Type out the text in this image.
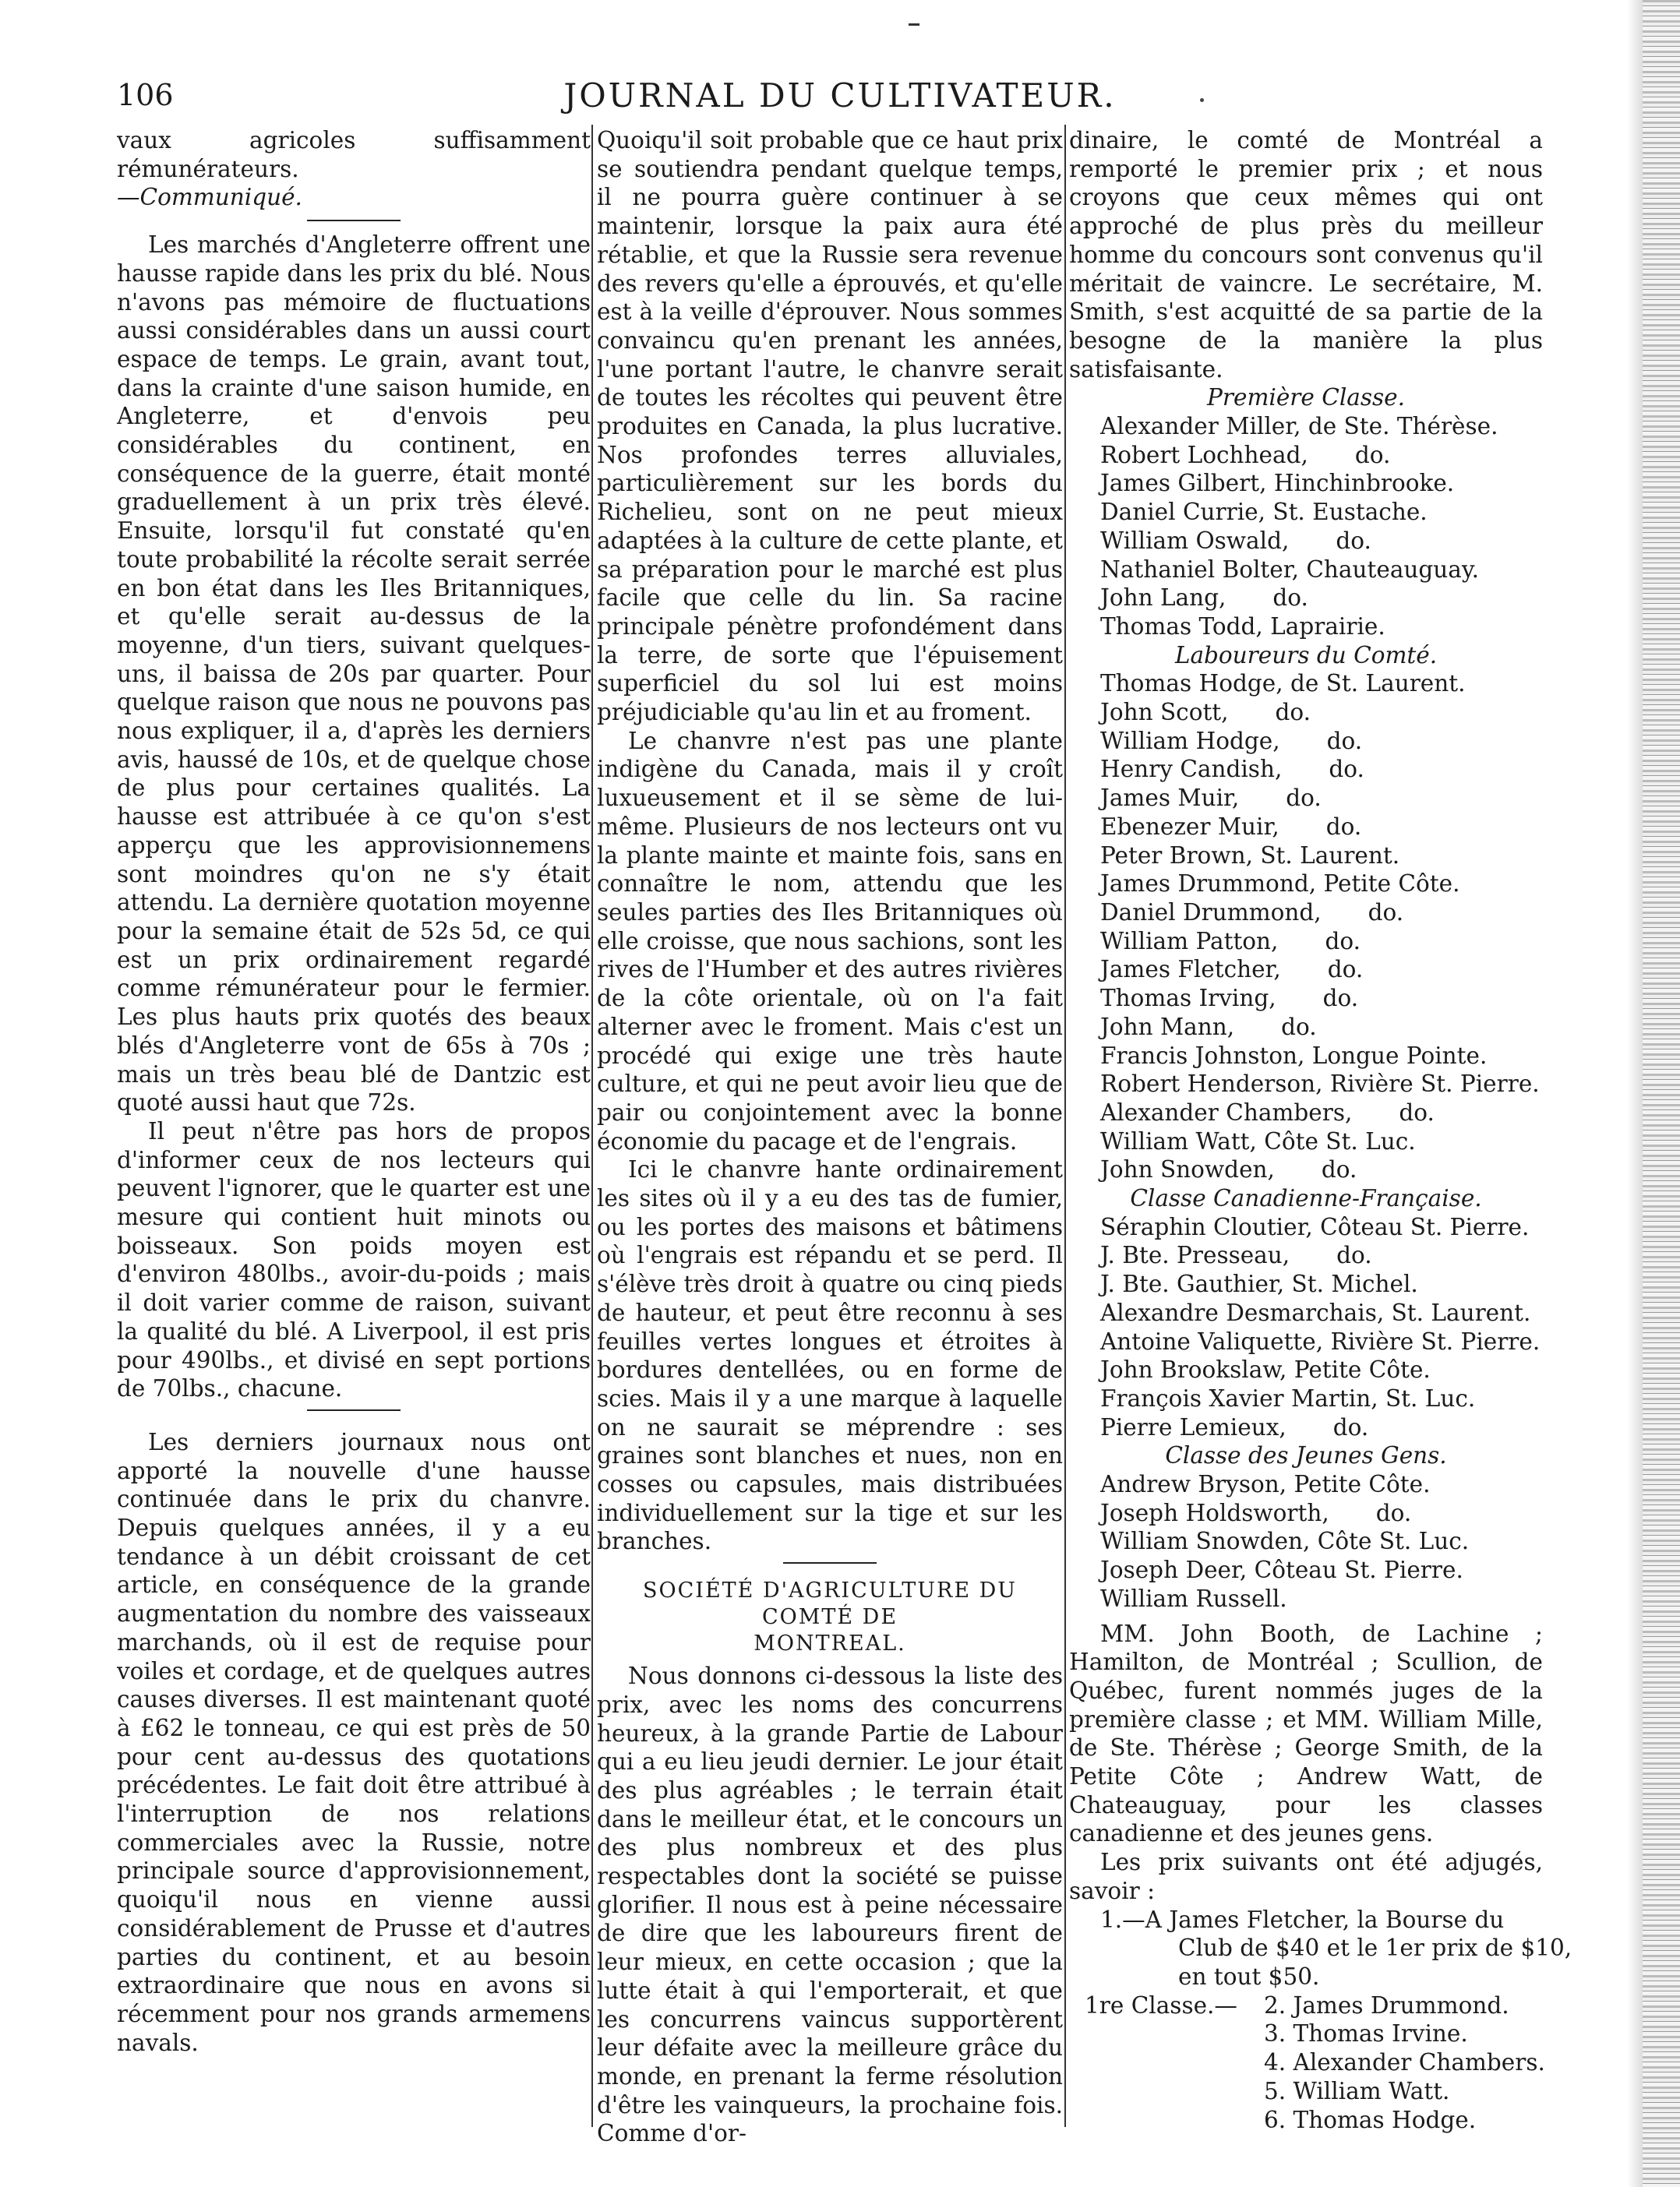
106	JOURNAL DU CULTIVATEUR.

vaux agricoles suffisamment rémunérateurs.

—Communiqué.

Les marchés d'Angleterre offrent une hausse rapide dans les prix du blé. Nous n'avons pas mémoire de fluctuations aussi considérables dans un aussi court espace de temps. Le grain, avant tout, dans la crainte d'une saison humide, en Angleterre, et d'envois peu considérables du continent, en conséquence de la guerre, était monté graduellement à un prix très élevé. Ensuite, lorsqu'il fut constaté qu'en toute probabilité la récolte serait serrée en bon état dans les Iles Britanniques, et qu'elle serait au-dessus de la moyenne, d'un tiers, suivant quelques-uns, il baissa de 20s par quarter. Pour quelque raison que nous ne pouvons pas nous expliquer, il a, d'après les derniers avis, haussé de 10s, et de quelque chose de plus pour certaines qualités. La hausse est attribuée à ce qu'on s'est apperçu que les approvisionnemens sont moindres qu'on ne s'y était attendu. La dernière quotation moyenne pour la semaine était de 52s 5d, ce qui est un prix ordinairement regardé comme rémunérateur pour le fermier. Les plus hauts prix quotés des beaux blés d'Angleterre vont de 65s à 70s ; mais un très beau blé de Dantzic est quoté aussi haut que 72s.

Il peut n'être pas hors de propos d'informer ceux de nos lecteurs qui peuvent l'ignorer, que le quarter est une mesure qui contient huit minots ou boisseaux. Son poids moyen est d'environ 480lbs., avoir-du-poids ; mais il doit varier comme de raison, suivant la qualité du blé. A Liverpool, il est pris pour 490lbs., et divisé en sept portions de 70lbs., chacune.

Les derniers journaux nous ont apporté la nouvelle d'une hausse continuée dans le prix du chanvre. Depuis quelques années, il y a eu tendance à un débit croissant de cet article, en conséquence de la grande augmentation du nombre des vaisseaux marchands, où il est de requise pour voiles et cordage, et de quelques autres causes diverses. Il est maintenant quoté à £62 le tonneau, ce qui est près de 50 pour cent au-dessus des quotations précédentes. Le fait doit être attribué à l'interruption de nos relations commerciales avec la Russie, notre principale source d'approvisionnement, quoiqu'il nous en vienne aussi considérablement de Prusse et d'autres parties du continent, et au besoin extraordinaire que nous en avons si récemment pour nos grands armemens navals.

Quoiqu'il soit probable que ce haut prix se soutiendra pendant quelque temps, il ne pourra guère continuer à se maintenir, lorsque la paix aura été rétablie, et que la Russie sera revenue des revers qu'elle a éprouvés, et qu'elle est à la veille d'éprouver. Nous sommes convaincu qu'en prenant les années, l'une portant l'autre, le chanvre serait de toutes les récoltes qui peuvent être produites en Canada, la plus lucrative. Nos profondes terres alluviales, particulièrement sur les bords du Richelieu, sont on ne peut mieux adaptées à la culture de cette plante, et sa préparation pour le marché est plus facile que celle du lin. Sa racine principale pénètre profondément dans la terre, de sorte que l'épuisement superficiel du sol lui est moins préjudiciable qu'au lin et au froment.

Le chanvre n'est pas une plante indigène du Canada, mais il y croît luxueusement et il se sème de lui-même. Plusieurs de nos lecteurs ont vu la plante mainte et mainte fois, sans en connaître le nom, attendu que les seules parties des Iles Britanniques où elle croisse, que nous sachions, sont les rives de l'Humber et des autres rivières de la côte orientale, où on l'a fait alterner avec le froment. Mais c'est un procédé qui exige une très haute culture, et qui ne peut avoir lieu que de pair ou conjointement avec la bonne économie du pacage et de l'engrais.

Ici le chanvre hante ordinairement les sites où il y a eu des tas de fumier, ou les portes des maisons et bâtimens où l'engrais est répandu et se perd. Il s'élève très droit à quatre ou cinq pieds de hauteur, et peut être reconnu à ses feuilles vertes longues et étroites à bordures dentellées, ou en forme de scies. Mais il y a une marque à laquelle on ne saurait se méprendre : ses graines sont blanches et nues, non en cosses ou capsules, mais distribuées individuellement sur la tige et sur les branches.

SOCIÉTÉ D'AGRICULTURE DU COMTÉ DE
MONTREAL.

Nous donnons ci-dessous la liste des prix, avec les noms des concurrens heureux, à la grande Partie de Labour qui a eu lieu jeudi dernier. Le jour était des plus agréables ; le terrain était dans le meilleur état, et le concours un des plus nombreux et des plus respectables dont la société se puisse glorifier. Il nous est à peine nécessaire de dire que les laboureurs firent de leur mieux, en cette occasion ; que la lutte était à qui l'emporterait, et que les concurrens vaincus supportèrent leur défaite avec la meilleure grâce du monde, en prenant la ferme résolution d'être les vainqueurs, la prochaine fois. Comme d'or-

dinaire, le comté de Montréal a remporté le premier prix ; et nous croyons que ceux mêmes qui ont approché de plus près du meilleur homme du concours sont convenus qu'il méritait de vaincre. Le secrétaire, M. Smith, s'est acquitté de sa partie de la besogne de la manière la plus satisfaisante.

Première Classe.
Alexander Miller, de Ste. Thérèse.
Robert Lochhead, do.
James Gilbert, Hinchinbrooke.
Daniel Currie, St. Eustache.
William Oswald, do.
Nathaniel Bolter, Chauteauguay.
John Lang, do.
Thomas Todd, Laprairie.
Laboureurs du Comté.
Thomas Hodge, de St. Laurent.
John Scott, do.
William Hodge, do.
Henry Candish, do.
James Muir, do.
Ebenezer Muir, do.
Peter Brown, St. Laurent.
James Drummond, Petite Côte.
Daniel Drummond, do.
William Patton, do.
James Fletcher, do.
Thomas Irving, do.
John Mann, do.
Francis Johnston, Longue Pointe.
Robert Henderson, Rivière St. Pierre.
Alexander Chambers, do.
William Watt, Côte St. Luc.
John Snowden, do.
Classe Canadienne-Française.
Séraphin Cloutier, Côteau St. Pierre.
J. Bte. Presseau, do.
J. Bte. Gauthier, St. Michel.
Alexandre Desmarchais, St. Laurent.
Antoine Valiquette, Rivière St. Pierre.
John Brookslaw, Petite Côte.
François Xavier Martin, St. Luc.
Pierre Lemieux, do.
Classe des Jeunes Gens.
Andrew Bryson, Petite Côte.
Joseph Holdsworth, do.
William Snowden, Côte St. Luc.
Joseph Deer, Côteau St. Pierre.
William Russell.

MM. John Booth, de Lachine ; Hamilton, de Montréal ; Scullion, de Québec, furent nommés juges de la première classe ; et MM. William Mille, de Ste. Thérèse ; George Smith, de la Petite Côte ; Andrew Watt, de Chateauguay, pour les classes canadienne et des jeunes gens.

Les prix suivants ont été adjugés, savoir :

1.—A James Fletcher, la Bourse du
Club de $40 et le 1er prix de $10,
en tout $50.
1re Classe.—	2. James Drummond.
3. Thomas Irvine.
4. Alexander Chambers.
5. William Watt.
6. Thomas Hodge.
